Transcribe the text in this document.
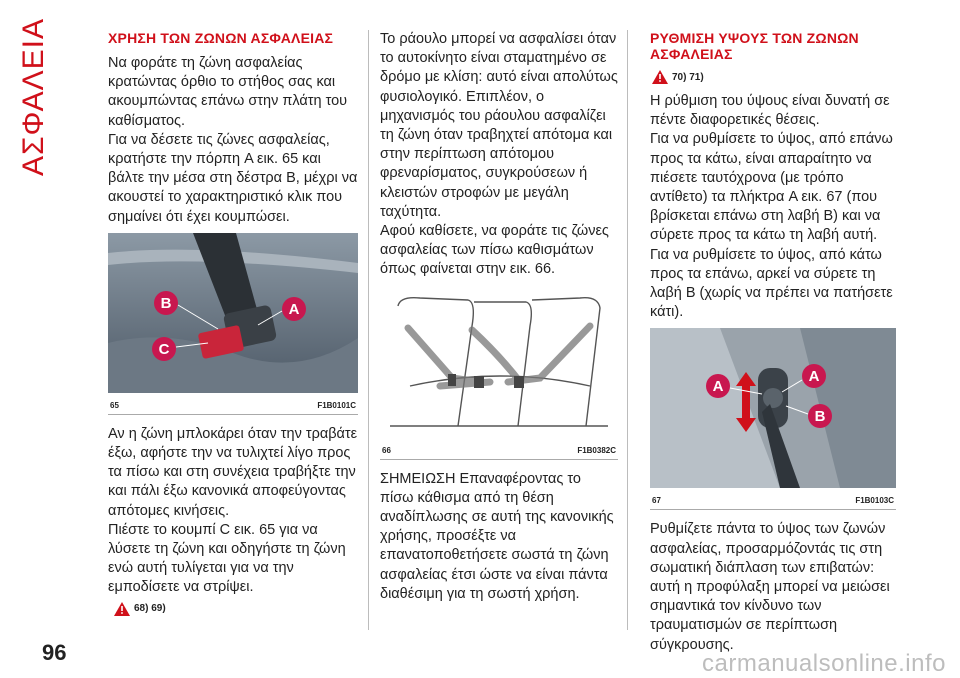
ΑΣΦΑΛΕΙΑ
96	carmanualsonline.info
ΧΡΗΣΗ ΤΩΝ ΖΩΝΩΝ ΑΣΦΑΛΕΙΑΣ

Να φοράτε τη ζώνη ασφαλείας κρατώντας όρθιο το στήθος σας και ακουμπώντας επάνω στην πλάτη του καθίσματος.

Για να δέσετε τις ζώνες ασφαλείας, κρατήστε την πόρπη A εικ. 65 και βάλτε την μέσα στη δέστρα B, μέχρι να ακουστεί το χαρακτηριστικό κλικ που σημαίνει ότι έχει κουμπώσει.

B	A
C
65	F1B0101C

Αν η ζώνη μπλοκάρει όταν την τραβάτε έξω, αφήστε την να τυλιχτεί λίγο προς τα πίσω και στη συνέχεια τραβήξτε την και πάλι έξω κανονικά αποφεύγοντας απότομες κινήσεις.

Πιέστε το κουμπί C εικ. 65 για να λύσετε τη ζώνη και οδηγήστε τη ζώνη ενώ αυτή τυλίγεται για να την εμποδίσετε να στρίψει.

68) 69)

Το ράουλο μπορεί να ασφαλίσει όταν το αυτοκίνητο είναι σταματημένο σε δρόμο με κλίση: αυτό είναι απολύτως φυσιολογικό. Επιπλέον, ο μηχανισμός του ράουλου ασφαλίζει τη ζώνη όταν τραβηχτεί απότομα και στην περίπτωση απότομου φρεναρίσματος, συγκρούσεων ή κλειστών στροφών με μεγάλη ταχύτητα.

Αφού καθίσετε, να φοράτε τις ζώνες ασφαλείας των πίσω καθισμάτων όπως φαίνεται στην εικ. 66.

66	F1B0382C

ΣΗΜΕΙΩΣΗ Επαναφέροντας το πίσω κάθισμα από τη θέση αναδίπλωσης σε αυτή της κανονικής χρήσης, προσέξτε να επανατοποθετήσετε σωστά τη ζώνη ασφαλείας έτσι ώστε να είναι πάντα διαθέσιμη για τη σωστή χρήση.

ΡΥΘΜΙΣΗ ΥΨΟΥΣ ΤΩΝ ΖΩΝΩΝ ΑΣΦΑΛΕΙΑΣ
70) 71)

Η ρύθμιση του ύψους είναι δυνατή σε πέντε διαφορετικές θέσεις.

Για να ρυθμίσετε το ύψος, από επάνω προς τα κάτω, είναι απαραίτητο να πιέσετε ταυτόχρονα (με τρόπο αντίθετο) τα πλήκτρα A εικ. 67 (που βρίσκεται επάνω στη λαβή B) και να σύρετε προς τα κάτω τη λαβή αυτή.

Για να ρυθμίσετε το ύψος, από κάτω προς τα επάνω, αρκεί να σύρετε τη λαβή B (χωρίς να πρέπει να πατήσετε κάτι).

A
A
B
67	F1B0103C

Ρυθμίζετε πάντα το ύψος των ζωνών ασφαλείας, προσαρμόζοντάς τις στη σωματική διάπλαση των επιβατών: αυτή η προφύλαξη μπορεί να μειώσει σημαντικά τον κίνδυνο των τραυματισμών σε περίπτωση σύγκρουσης.
